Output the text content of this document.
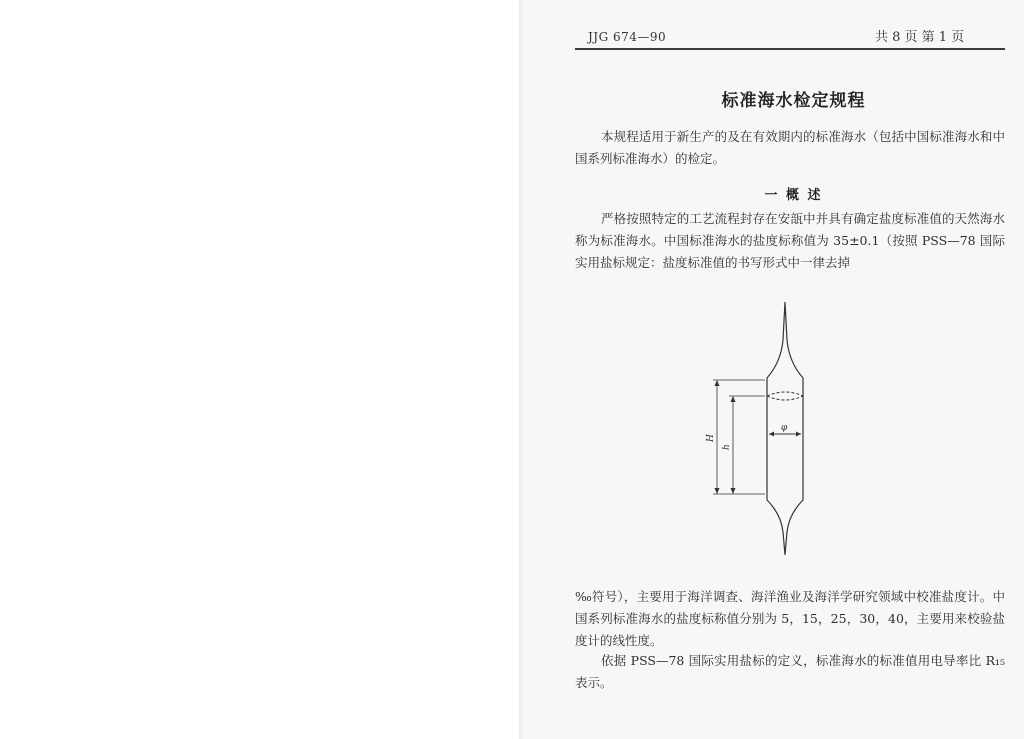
JJG 674—90	共 8 页 第 1 页
标准海水检定规程

本规程适用于新生产的及在有效期内的标准海水（包括中国标准海水和中国系列标准海水）的检定。

一 概 述

严格按照特定的工艺流程封存在安瓿中并具有确定盐度标准值的天然海水称为标准海水。中国标准海水的盐度标称值为 35±0.1（按照 PSS—78 国际实用盐标规定：盐度标准值的书写形式中一律去掉

φ
H
h

‰符号），主要用于海洋调查、海洋渔业及海洋学研究领域中校准盐度计。中国系列标准海水的盐度标称值分别为 5，15，25，30，40，主要用来校验盐度计的线性度。

依据 PSS—78 国际实用盐标的定义，标准海水的标准值用电导率比 R₁₅ 表示。
